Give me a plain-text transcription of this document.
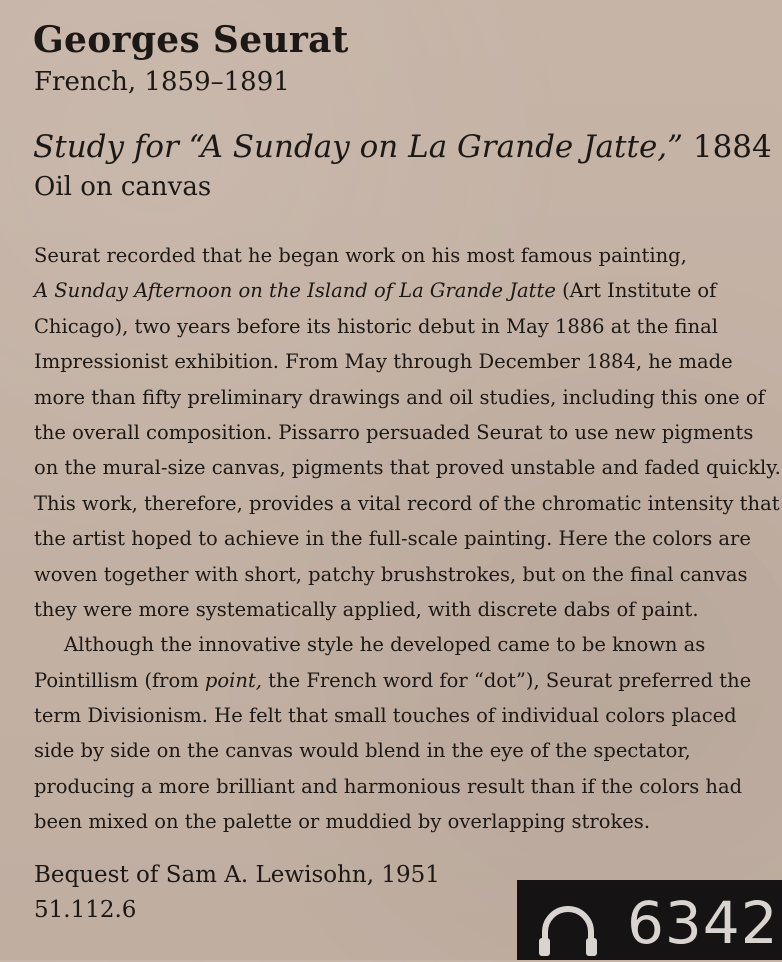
Georges Seurat
French, 1859–1891
Study for “A Sunday on La Grande Jatte,” 1884
Oil on canvas
Seurat recorded that he began work on his most famous painting,
A Sunday Afternoon on the Island of La Grande Jatte (Art Institute of
Chicago), two years before its historic debut in May 1886 at the final
Impressionist exhibition. From May through December 1884, he made
more than fifty preliminary drawings and oil studies, including this one of
the overall composition. Pissarro persuaded Seurat to use new pigments
on the mural-size canvas, pigments that proved unstable and faded quickly.
This work, therefore, provides a vital record of the chromatic intensity that
the artist hoped to achieve in the full-scale painting. Here the colors are
woven together with short, patchy brushstrokes, but on the final canvas
they were more systematically applied, with discrete dabs of paint.
Although the innovative style he developed came to be known as
Pointillism (from point, the French word for “dot”), Seurat preferred the
term Divisionism. He felt that small touches of individual colors placed
side by side on the canvas would blend in the eye of the spectator,
producing a more brilliant and harmonious result than if the colors had
been mixed on the palette or muddied by overlapping strokes.
Bequest of Sam A. Lewisohn, 1951
51.112.6	6342
